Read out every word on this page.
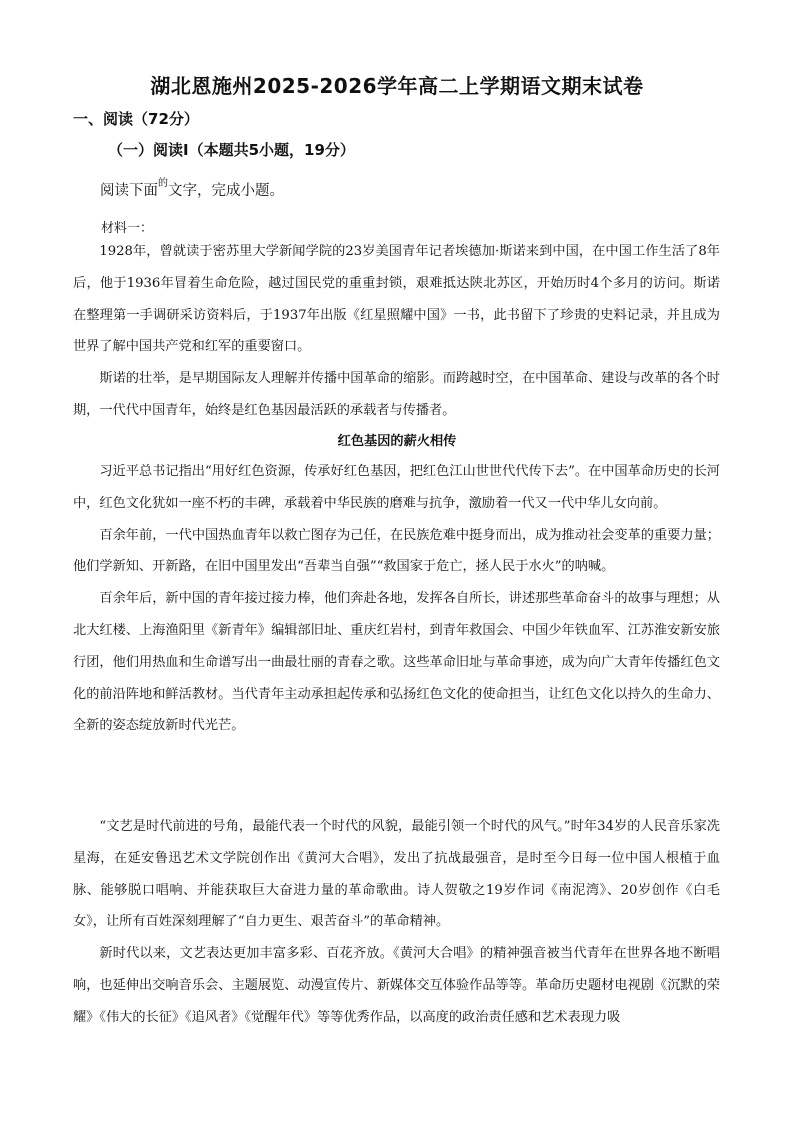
湖北恩施州2025-2026学年高二上学期语文期末试卷
一、阅读（72分）
（一）阅读Ⅰ（本题共5小题，19分）
阅读下面$^的$文字，完成小题。
材料一：

1928年，曾就读于密苏里大学新闻学院的23岁美国青年记者埃德加·斯诺来到中国，在中国工作生活了8年后，他于1936年冒着生命危险，越过国民党的重重封锁，艰难抵达陕北苏区，开始历时4个多月的访问。斯诺在整理第一手调研采访资料后，于1937年出版《红星照耀中国》一书，此书留下了珍贵的史料记录，并且成为世界了解中国共产党和红军的重要窗口。

斯诺的壮举，是早期国际友人理解并传播中国革命的缩影。而跨越时空，在中国革命、建设与改革的各个时期，一代代中国青年，始终是红色基因最活跃的承载者与传播者。

红色基因的薪火相传

习近平总书记指出“用好红色资源，传承好红色基因，把红色江山世世代代传下去”。在中国革命历史的长河中，红色文化犹如一座不朽的丰碑，承载着中华民族的磨难与抗争，激励着一代又一代中华儿女向前。

百余年前，一代中国热血青年以救亡图存为己任，在民族危难中挺身而出，成为推动社会变革的重要力量；他们学新知、开新路，在旧中国里发出“吾辈当自强”“救国家于危亡，拯人民于水火”的呐喊。

百余年后，新中国的青年接过接力棒，他们奔赴各地，发挥各自所长，讲述那些革命奋斗的故事与理想；从北大红楼、上海渔阳里《新青年》编辑部旧址、重庆红岩村，到青年救国会、中国少年铁血军、江苏淮安新安旅行团，他们用热血和生命谱写出一曲最壮丽的青春之歌。这些革命旧址与革命事迹，成为向广大青年传播红色文化的前沿阵地和鲜活教材。当代青年主动承担起传承和弘扬红色文化的使命担当，让红色文化以持久的生命力、全新的姿态绽放新时代光芒。

“文艺是时代前进的号角，最能代表一个时代的风貌，最能引领一个时代的风气。”时年34岁的人民音乐家冼星海，在延安鲁迅艺术文学院创作出《黄河大合唱》，发出了抗战最强音，是时至今日每一位中国人根植于血脉、能够脱口唱响、并能获取巨大奋进力量的革命歌曲。诗人贺敬之19岁作词《南泥湾》、20岁创作《白毛女》，让所有百姓深刻理解了“自力更生、艰苦奋斗”的革命精神。

新时代以来，文艺表达更加丰富多彩、百花齐放。《黄河大合唱》的精神强音被当代青年在世界各地不断唱响，也延伸出交响音乐会、主题展览、动漫宣传片、新媒体交互体验作品等等。革命历史题材电视剧《沉默的荣耀》《伟大的长征》《追风者》《觉醒年代》等等优秀作品，以高度的政治责任感和艺术表现力吸
